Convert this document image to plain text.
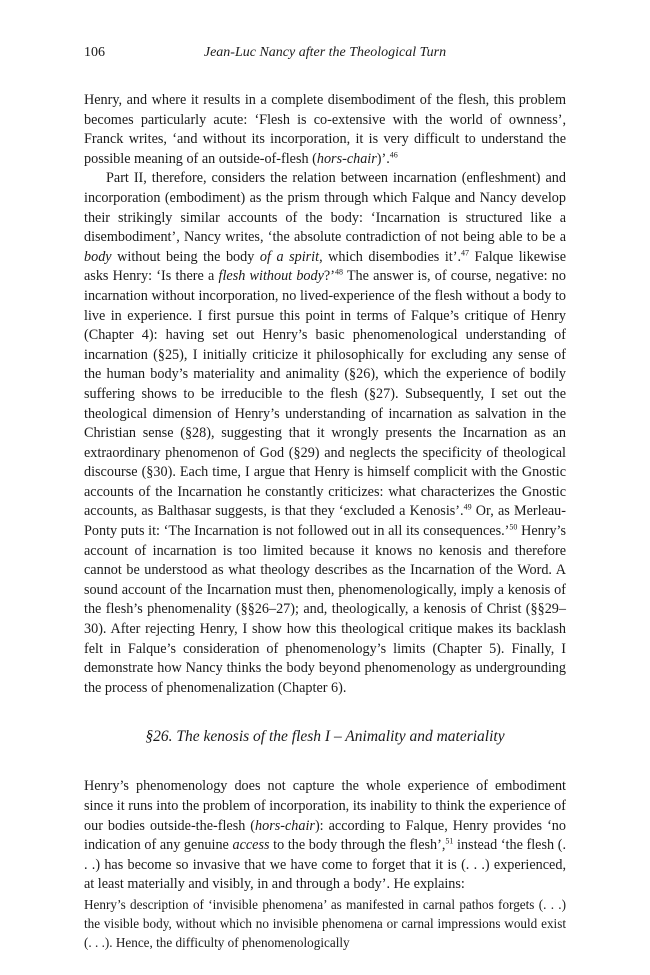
106	Jean-Luc Nancy after the Theological Turn

Henry, and where it results in a complete disembodiment of the flesh, this problem becomes particularly acute: ‘Flesh is co-extensive with the world of ownness’, Franck writes, ‘and without its incorporation, it is very difficult to understand the possible meaning of an outside-of-flesh (hors-chair)’.$^{46}$

Part II, therefore, considers the relation between incarnation (enfleshment) and incorporation (embodiment) as the prism through which Falque and Nancy develop their strikingly similar accounts of the body: ‘Incarnation is structured like a disembodiment’, Nancy writes, ‘the absolute contradiction of not being able to be a body without being the body of a spirit, which disembodies it’.$^{47}$ Falque likewise asks Henry: ‘Is there a flesh without body?’$^{48}$ The answer is, of course, negative: no incarnation without incorporation, no lived-experience of the flesh without a body to live in experience. I first pursue this point in terms of Falque’s critique of Henry (Chapter 4): having set out Henry’s basic phenomenological understanding of incarnation (§25), I initially criticize it philosophically for excluding any sense of the human body’s materiality and animality (§26), which the experience of bodily suffering shows to be irreducible to the flesh (§27). Subsequently, I set out the theological dimension of Henry’s understanding of incarnation as salvation in the Christian sense (§28), suggesting that it wrongly presents the Incarnation as an extraordinary phenomenon of God (§29) and neglects the specificity of theological discourse (§30). Each time, I argue that Henry is himself complicit with the Gnostic accounts of the Incarnation he constantly criticizes: what characterizes the Gnostic accounts, as Balthasar suggests, is that they ‘excluded a Kenosis’.$^{49}$ Or, as Merleau-Ponty puts it: ‘The Incarnation is not followed out in all its consequences.’$^{50}$ Henry’s account of incarnation is too limited because it knows no kenosis and therefore cannot be understood as what theology describes as the Incarnation of the Word. A sound account of the Incarnation must then, phenomenologically, imply a kenosis of the flesh’s phenomenality (§§26–27); and, theologically, a kenosis of Christ (§§29–30). After rejecting Henry, I show how this theological critique makes its backlash felt in Falque’s consideration of phenomenology’s limits (Chapter 5). Finally, I demonstrate how Nancy thinks the body beyond phenomenology as undergrounding the process of phenomenalization (Chapter 6).

§26. The kenosis of the flesh I – Animality and materiality

Henry’s phenomenology does not capture the whole experience of embodiment since it runs into the problem of incorporation, its inability to think the experience of our bodies outside-the-flesh (hors-chair): according to Falque, Henry provides ‘no indication of any genuine access to the body through the flesh’,$^{51}$ instead ‘the flesh (. . .) has become so invasive that we have come to forget that it is (. . .) experienced, at least materially and visibly, in and through a body’. He explains:

Henry’s description of ‘invisible phenomena’ as manifested in carnal pathos forgets (. . .) the visible body, without which no invisible phenomena or carnal impressions would exist (. . .). Hence, the difficulty of phenomenologically
